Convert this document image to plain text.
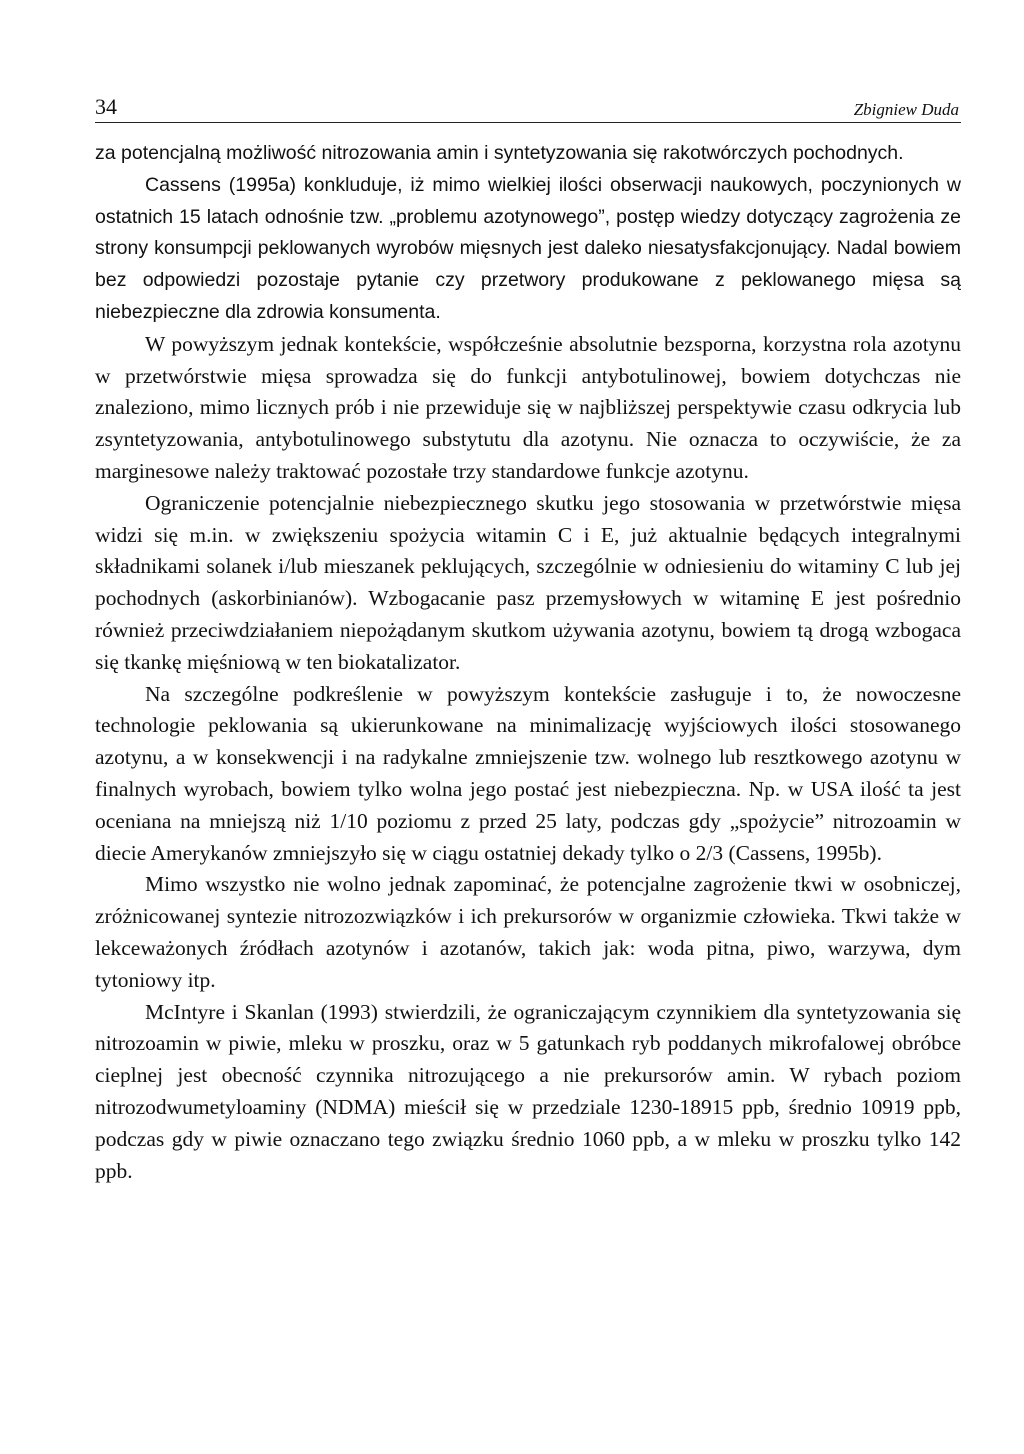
34	Zbigniew Duda

za potencjalną możliwość nitrozowania amin i syntetyzowania się rakotwórczych pochodnych.

Cassens (1995a) konkluduje, iż mimo wielkiej ilości obserwacji naukowych, poczynionych w ostatnich 15 latach odnośnie tzw. „problemu azotynowego”, postęp wiedzy dotyczący zagrożenia ze strony konsumpcji peklowanych wyrobów mięsnych jest daleko niesatysfakcjonujący. Nadal bowiem bez odpowiedzi pozostaje pytanie czy przetwory produkowane z peklowanego mięsa są niebezpieczne dla zdrowia konsumenta.

W powyższym jednak kontekście, współcześnie absolutnie bezsporna, korzystna rola azotynu w przetwórstwie mięsa sprowadza się do funkcji antybotulinowej, bowiem dotychczas nie znaleziono, mimo licznych prób i nie przewiduje się w najbliższej perspektywie czasu odkrycia lub zsyntetyzowania, antybotulinowego substytutu dla azotynu. Nie oznacza to oczywiście, że za marginesowe należy traktować pozostałe trzy standardowe funkcje azotynu.

Ograniczenie potencjalnie niebezpiecznego skutku jego stosowania w przetwórstwie mięsa widzi się m.in. w zwiększeniu spożycia witamin C i E, już aktualnie będących integralnymi składnikami solanek i/lub mieszanek peklujących, szczególnie w odniesieniu do witaminy C lub jej pochodnych (askorbinianów). Wzbogacanie pasz przemysłowych w witaminę E jest pośrednio również przeciwdziałaniem niepożądanym skutkom używania azotynu, bowiem tą drogą wzbogaca się tkankę mięśniową w ten biokatalizator.

Na szczególne podkreślenie w powyższym kontekście zasługuje i to, że nowoczesne technologie peklowania są ukierunkowane na minimalizację wyjściowych ilości stosowanego azotynu, a w konsekwencji i na radykalne zmniejszenie tzw. wolnego lub resztkowego azotynu w finalnych wyrobach, bowiem tylko wolna jego postać jest niebezpieczna. Np. w USA ilość ta jest oceniana na mniejszą niż 1/10 poziomu z przed 25 laty, podczas gdy „spożycie” nitrozoamin w diecie Amerykanów zmniejszyło się w ciągu ostatniej dekady tylko o 2/3 (Cassens, 1995b).

Mimo wszystko nie wolno jednak zapominać, że potencjalne zagrożenie tkwi w osobniczej, zróżnicowanej syntezie nitrozozwiązków i ich prekursorów w organizmie człowieka. Tkwi także w lekceważonych źródłach azotynów i azotanów, takich jak: woda pitna, piwo, warzywa, dym tytoniowy itp.

McIntyre i Skanlan (1993) stwierdzili, że ograniczającym czynnikiem dla syntetyzowania się nitrozoamin w piwie, mleku w proszku, oraz w 5 gatunkach ryb poddanych mikrofalowej obróbce cieplnej jest obecność czynnika nitrozującego a nie prekursorów amin. W rybach poziom nitrozodwumetyloaminy (NDMA) mieścił się w przedziale 1230-18915 ppb, średnio 10919 ppb, podczas gdy w piwie oznaczano tego związku średnio 1060 ppb, a w mleku w proszku tylko 142 ppb.
